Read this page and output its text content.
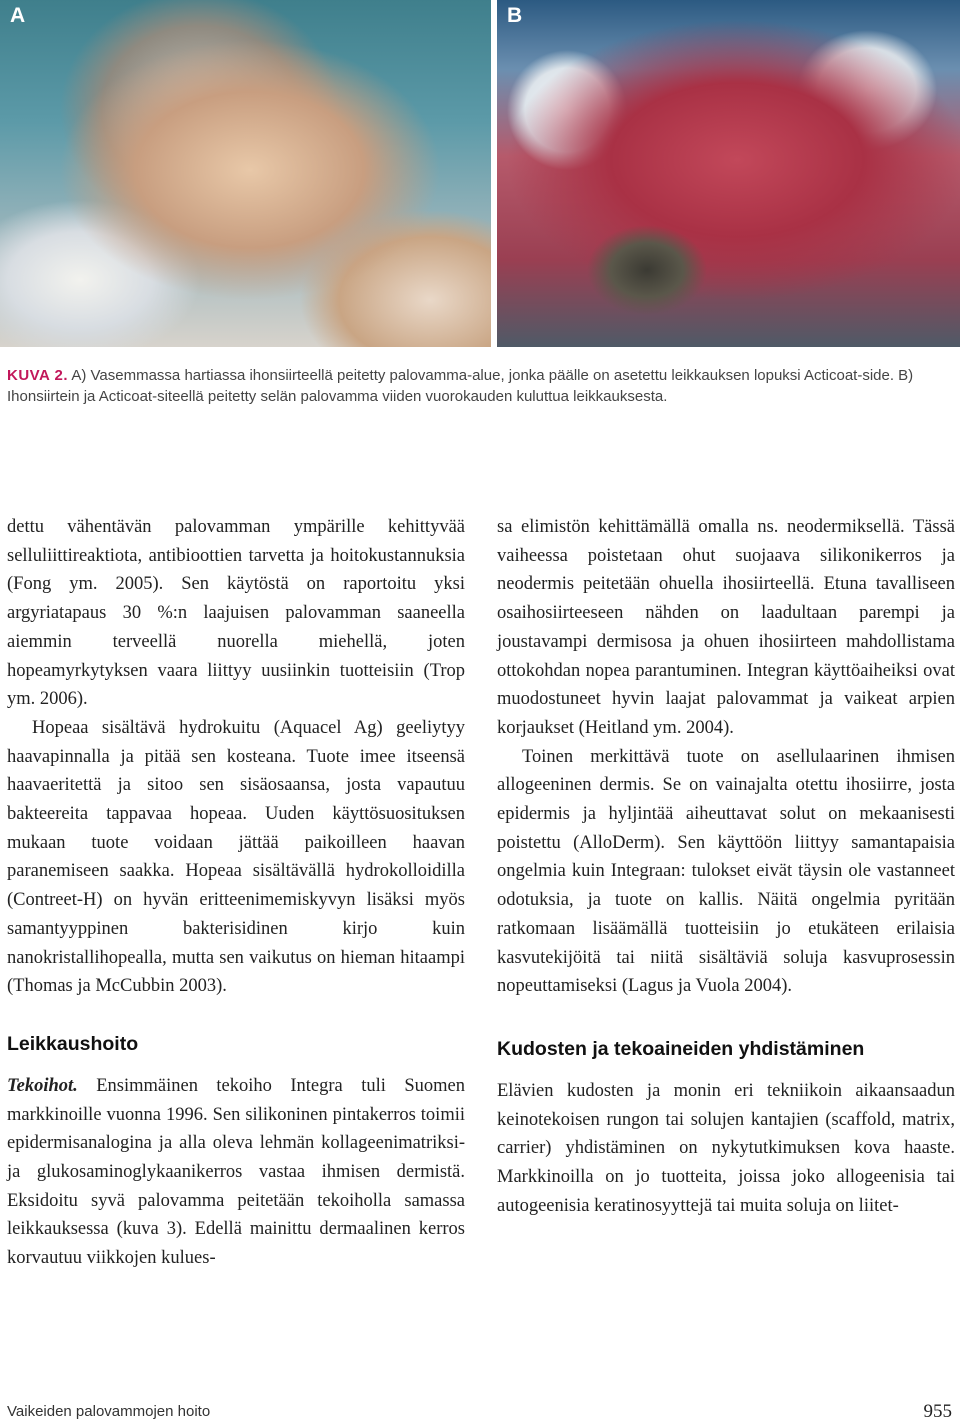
A	B
KUVA 2. A) Vasemmassa hartiassa ihonsiirteellä peitetty palovamma-alue, jonka päälle on asetettu leikkauksen lopuksi Acticoat-side. B) Ihonsiirtein ja Acticoat-siteellä peitetty selän palovamma viiden vuorokauden kuluttua leikkauksesta.

dettu vähentävän palovamman ympärille kehittyvää selluliittireaktiota, antibioottien tarvetta ja hoitokustannuksia (Fong ym. 2005). Sen käytöstä on raportoitu yksi argyriatapaus 30 %:n laajuisen palovamman saaneella aiemmin terveellä nuorella miehellä, joten hopeamyrkytyksen vaara liittyy uusiinkin tuotteisiin (Trop ym. 2006).

Hopeaa sisältävä hydrokuitu (Aquacel Ag) geeliytyy haavapinnalla ja pitää sen kosteana. Tuote imee itseensä haavaeritettä ja sitoo sen sisäosaansa, josta vapautuu bakteereita tappavaa hopeaa. Uuden käyttösuosituksen mukaan tuote voidaan jättää paikoilleen haavan paranemiseen saakka. Hopeaa sisältävällä hydrokolloidilla (Contreet-H) on hyvän eritteenimemiskyvyn lisäksi myös samantyyppinen bakterisidinen kirjo kuin nanokristallihopealla, mutta sen vaikutus on hieman hitaampi (Thomas ja McCubbin 2003).

Leikkaushoito

Tekoihot. Ensimmäinen tekoiho Integra tuli Suomen markkinoille vuonna 1996. Sen silikoninen pintakerros toimii epidermisanalogina ja alla oleva lehmän kollageenimatriksi- ja glukosaminoglykaanikerros vastaa ihmisen dermistä. Eksidoitu syvä palovamma peitetään tekoiholla samassa leikkauksessa (kuva 3). Edellä mainittu dermaalinen kerros korvautuu viikkojen kulues-

sa elimistön kehittämällä omalla ns. neodermiksellä. Tässä vaiheessa poistetaan ohut suojaava silikonikerros ja neodermis peitetään ohuella ihosiirteellä. Etuna tavalliseen osaihosiirteeseen nähden on laadultaan parempi ja joustavampi dermisosa ja ohuen ihosiirteen mahdollistama ottokohdan nopea parantuminen. Integran käyttöaiheiksi ovat muodostuneet hyvin laajat palovammat ja vaikeat arpien korjaukset (Heitland ym. 2004).

Toinen merkittävä tuote on asellulaarinen ihmisen allogeeninen dermis. Se on vainajalta otettu ihosiirre, josta epidermis ja hyljintää aiheuttavat solut on mekaanisesti poistettu (AlloDerm). Sen käyttöön liittyy samantapaisia ongelmia kuin Integraan: tulokset eivät täysin ole vastanneet odotuksia, ja tuote on kallis. Näitä ongelmia pyritään ratkomaan lisäämällä tuotteisiin jo etukäteen erilaisia kasvutekijöitä tai niitä sisältäviä soluja kasvuprosessin nopeuttamiseksi (Lagus ja Vuola 2004).

Kudosten ja tekoaineiden yhdistäminen

Elävien kudosten ja monin eri tekniikoin aikaansaadun keinotekoisen rungon tai solujen kantajien (scaffold, matrix, carrier) yhdistäminen on nykytutkimuksen kova haaste. Markkinoilla on jo tuotteita, joissa joko allogeenisia tai autogeenisia keratinosyyttejä tai muita soluja on liitet-

Vaikeiden palovammojen hoito	955
